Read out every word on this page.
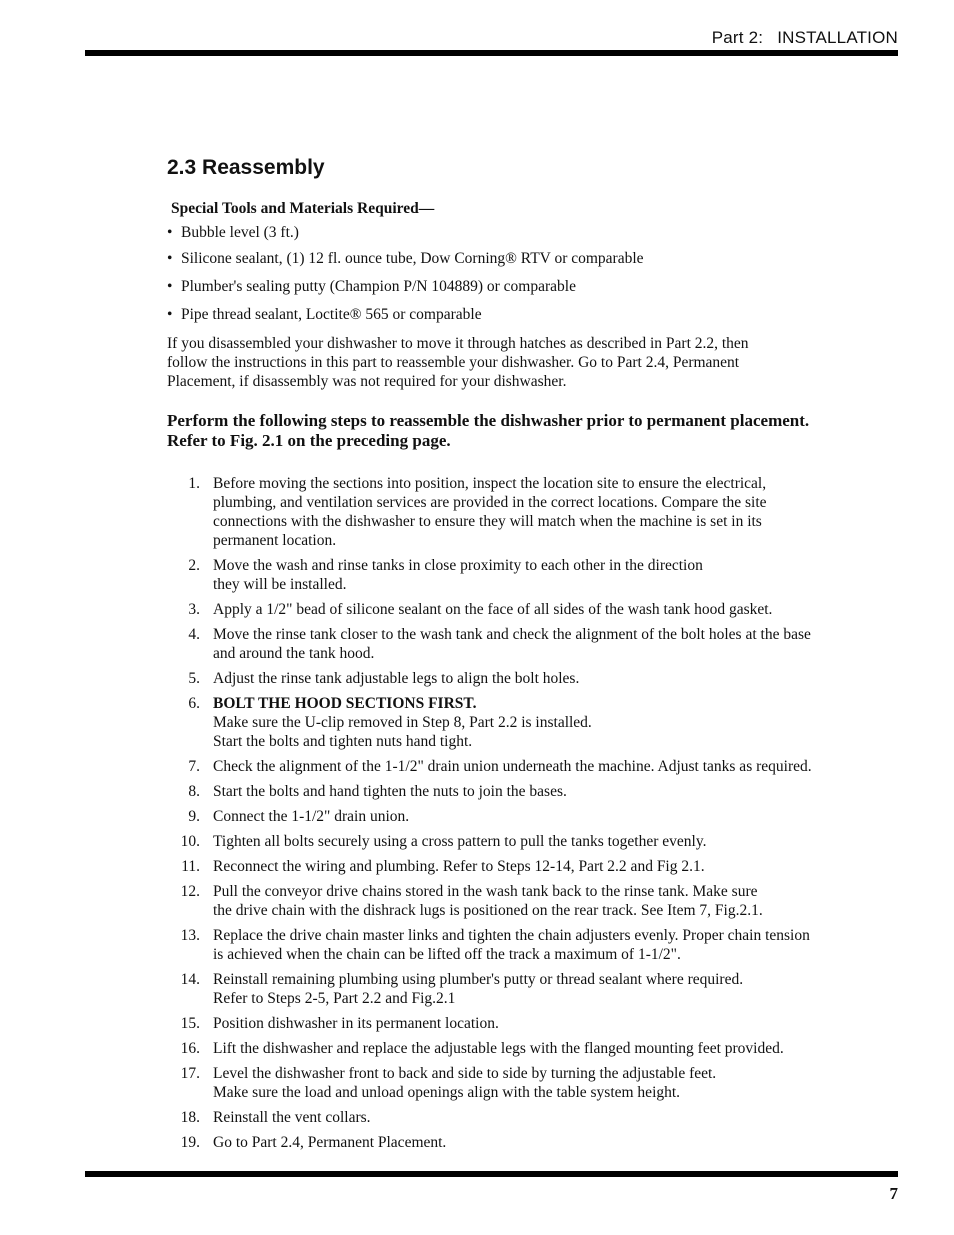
Part 2: INSTALLATION
2.3 Reassembly
Special Tools and Materials Required—
• Bubble level (3 ft.)
• Silicone sealant, (1) 12 fl. ounce tube, Dow Corning® RTV or comparable
• Plumber's sealing putty (Champion P/N 104889) or comparable
• Pipe thread sealant, Loctite® 565 or comparable

If you disassembled your dishwasher to move it through hatches as described in Part 2.2, then
follow the instructions in this part to reassemble your dishwasher. Go to Part 2.4, Permanent
Placement, if disassembly was not required for your dishwasher.

Perform the following steps to reassemble the dishwasher prior to permanent placement.
Refer to Fig. 2.1 on the preceding page.

1. Before moving the sections into position, inspect the location site to ensure the electrical,
plumbing, and ventilation services are provided in the correct locations. Compare the site
connections with the dishwasher to ensure they will match when the machine is set in its
permanent location.
2. Move the wash and rinse tanks in close proximity to each other in the direction
they will be installed.
3. Apply a 1/2" bead of silicone sealant on the face of all sides of the wash tank hood gasket.
4. Move the rinse tank closer to the wash tank and check the alignment of the bolt holes at the base
and around the tank hood.
5. Adjust the rinse tank adjustable legs to align the bolt holes.
6. BOLT THE HOOD SECTIONS FIRST.
Make sure the U-clip removed in Step 8, Part 2.2 is installed.
Start the bolts and tighten nuts hand tight.
7. Check the alignment of the 1-1/2" drain union underneath the machine. Adjust tanks as required.
8. Start the bolts and hand tighten the nuts to join the bases.
9. Connect the 1-1/2" drain union.
10. Tighten all bolts securely using a cross pattern to pull the tanks together evenly.
11. Reconnect the wiring and plumbing. Refer to Steps 12-14, Part 2.2 and Fig 2.1.
12. Pull the conveyor drive chains stored in the wash tank back to the rinse tank. Make sure
the drive chain with the dishrack lugs is positioned on the rear track. See Item 7, Fig.2.1.
13. Replace the drive chain master links and tighten the chain adjusters evenly. Proper chain tension
is achieved when the chain can be lifted off the track a maximum of 1-1/2".
14. Reinstall remaining plumbing using plumber's putty or thread sealant where required.
Refer to Steps 2-5, Part 2.2 and Fig.2.1
15. Position dishwasher in its permanent location.
16. Lift the dishwasher and replace the adjustable legs with the flanged mounting feet provided.
17. Level the dishwasher front to back and side to side by turning the adjustable feet.
Make sure the load and unload openings align with the table system height.
18. Reinstall the vent collars.
19. Go to Part 2.4, Permanent Placement.
7
